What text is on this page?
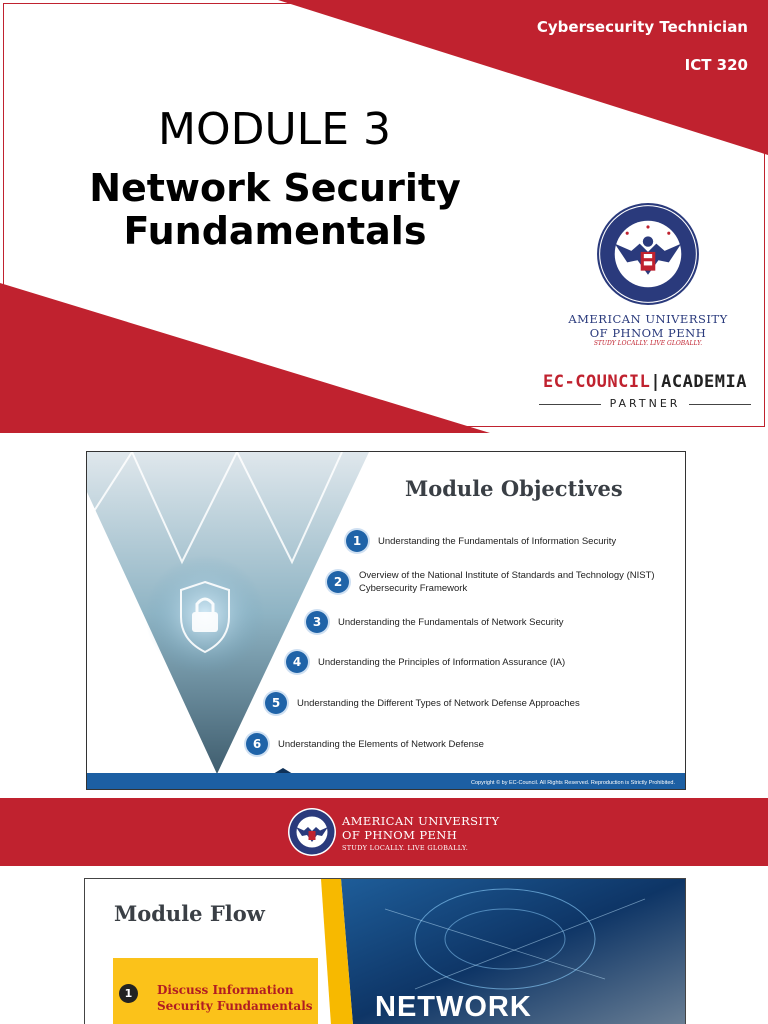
Cybersecurity Technician
ICT 320
MODULE 3
Network Security Fundamentals
AMERICAN UNIVERSITY
OF PHNOM PENH
STUDY LOCALLY. LIVE GLOBALLY.
EC-COUNCIL|ACADEMIA
PARTNER
Module Objectives
1	Understanding the Fundamentals of Information Security
2	Overview of the National Institute of Standards and Technology (NIST) Cybersecurity Framework
3	Understanding the Fundamentals of Network Security
4	Understanding the Principles of Information Assurance (IA)
5	Understanding the Different Types of Network Defense Approaches
6	Understanding the Elements of Network Defense
Copyright © by EC-Council. All Rights Reserved. Reproduction is Strictly Prohibited.
AMERICAN UNIVERSITY
OF PHNOM PENH
STUDY LOCALLY. LIVE GLOBALLY.
Module Flow
1	Discuss Information Security Fundamentals NETWORK
